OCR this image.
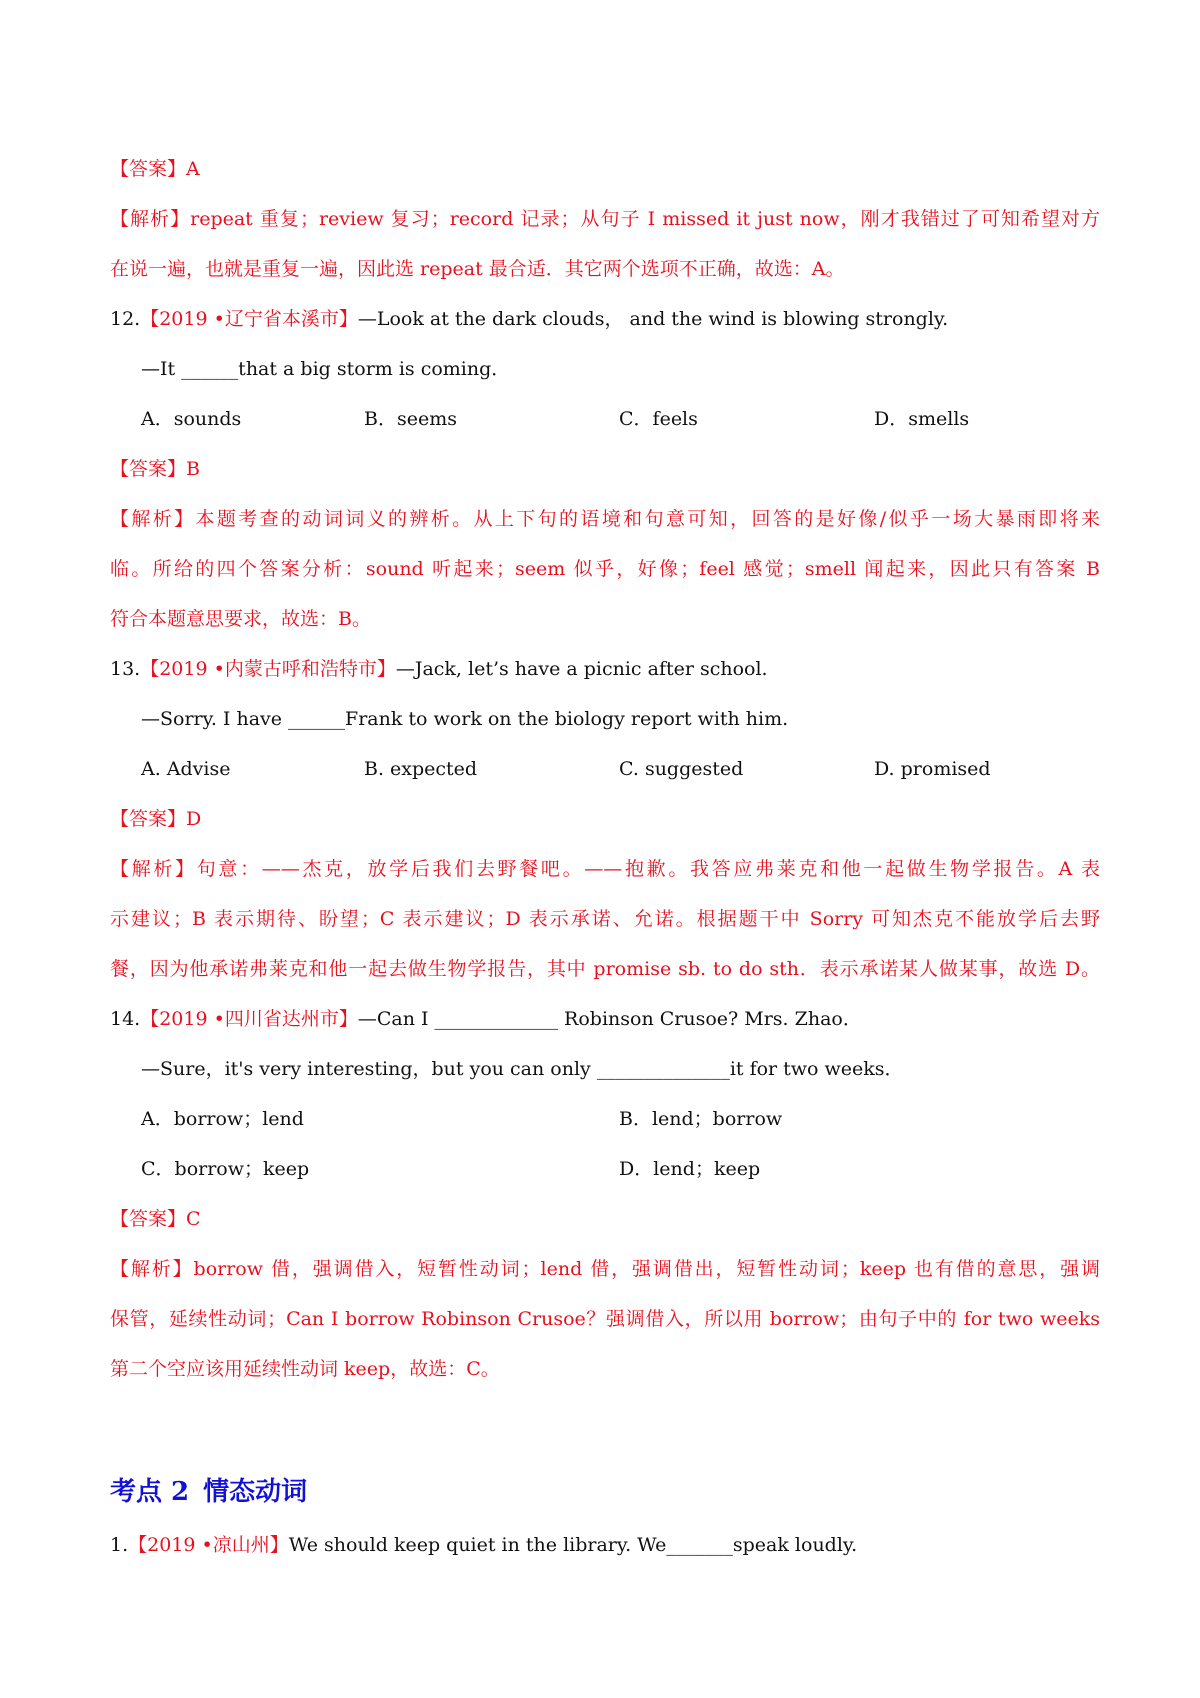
【答案】A
【解析】repeat 重复；review 复习；record 记录；从句子 I missed it just now，刚才我错过了可知希望对方
在说一遍，也就是重复一遍，因此选 repeat 最合适．其它两个选项不正确，故选：A。
12.【2019 •辽宁省本溪市】—Look at the dark clouds， and the wind is blowing strongly.
—It ______that a big storm is coming．
A．sounds	B．seems	C．feels	D．smells
【答案】B
【解析】本题考查的动词词义的辨析。从上下句的语境和句意可知，回答的是好像/似乎一场大暴雨即将来
临。所给的四个答案分析：sound 听起来；seem 似乎，好像；feel 感觉；smell 闻起来，因此只有答案 B
符合本题意思要求，故选：B。
13.【2019 •内蒙古呼和浩特市】—Jack, let’s have a picnic after school.
—Sorry. I have ______Frank to work on the biology report with him.
A. Advise	B. expected	C. suggested	D. promised
【答案】D
【解析】句意：——杰克，放学后我们去野餐吧。——抱歉。我答应弗莱克和他一起做生物学报告。A 表
示建议；B 表示期待、盼望；C 表示建议；D 表示承诺、允诺。根据题干中 Sorry 可知杰克不能放学后去野
餐，因为他承诺弗莱克和他一起去做生物学报告，其中 promise sb. to do sth．表示承诺某人做某事，故选 D。
14.【2019 •四川省达州市】—Can I _____________ Robinson Crusoe? Mrs. Zhao．
—Sure，it's very interesting，but you can only ______________it for two weeks．
A．borrow；lend	B．lend；borrow
C．borrow；keep	D．lend；keep
【答案】C
【解析】borrow 借，强调借入，短暂性动词；lend 借，强调借出，短暂性动词；keep 也有借的意思，强调
保管，延续性动词；Can I borrow Robinson Crusoe？强调借入，所以用 borrow；由句子中的 for two weeks
第二个空应该用延续性动词 keep，故选：C。
考点 2 情态动词
1.【2019 •凉山州】We should keep quiet in the library. We_______speak loudly.
